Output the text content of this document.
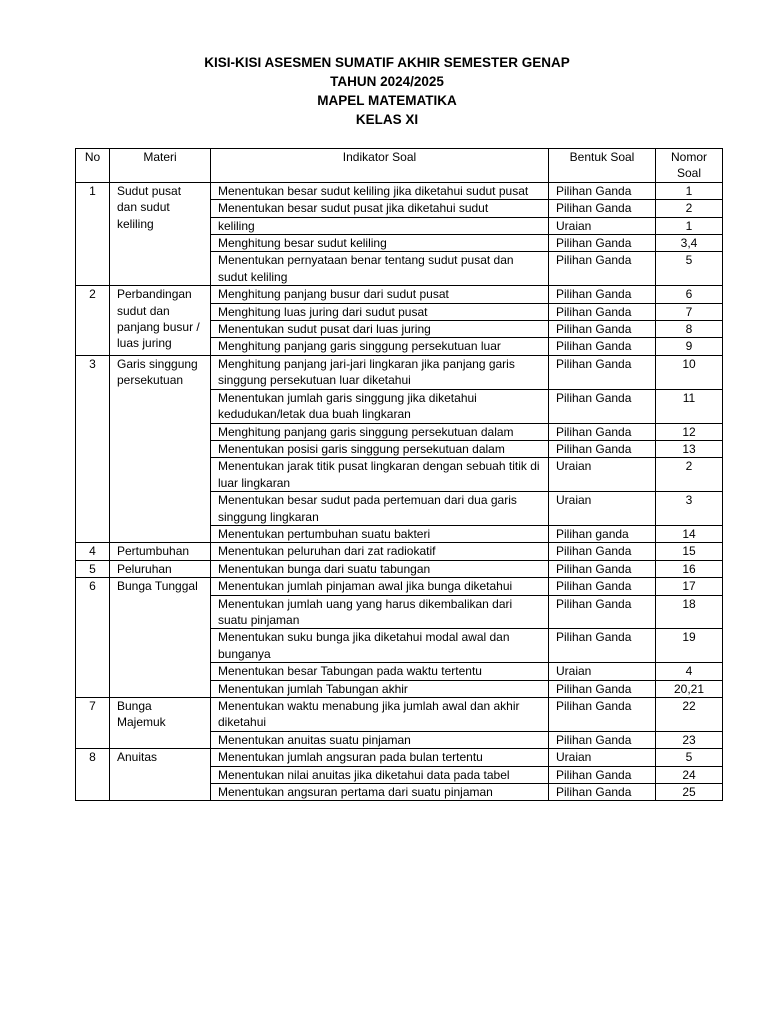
KISI-KISI ASESMEN SUMATIF AKHIR SEMESTER GENAP
TAHUN 2024/2025
MAPEL MATEMATIKA
KELAS XI
No	Materi	Indikator Soal	Bentuk Soal	Nomor
Soal
1	Sudut pusat dan sudut keliling	Menentukan besar sudut keliling jika diketahui sudut pusat	Pilihan Ganda	1
		Menentukan besar sudut pusat jika diketahui sudut	Pilihan Ganda	2
		keliling	Uraian	1
		Menghitung besar sudut keliling	Pilihan Ganda	3,4
		Menentukan pernyataan benar tentang sudut pusat dan sudut keliling	Pilihan Ganda	5
2	Perbandingan sudut dan panjang busur / luas juring	Menghitung panjang busur dari sudut pusat	Pilihan Ganda	6
		Menghitung luas juring dari sudut pusat	Pilihan Ganda	7
		Menentukan sudut pusat dari luas juring	Pilihan Ganda	8
		Menghitung panjang garis singgung persekutuan luar	Pilihan Ganda	9
3	Garis singgung persekutuan	Menghitung panjang jari-jari lingkaran jika panjang garis singgung persekutuan luar diketahui	Pilihan Ganda	10
		Menentukan jumlah garis singgung jika diketahui kedudukan/letak dua buah lingkaran	Pilihan Ganda	11
		Menghitung panjang garis singgung persekutuan dalam	Pilihan Ganda	12
		Menentukan posisi garis singgung persekutuan dalam	Pilihan Ganda	13
		Menentukan jarak titik pusat lingkaran dengan sebuah titik di luar lingkaran	Uraian	2
		Menentukan besar sudut pada pertemuan dari dua garis singgung lingkaran	Uraian	3
		Menentukan pertumbuhan suatu bakteri	Pilihan ganda	14
4	Pertumbuhan	Menentukan peluruhan dari zat radiokatif	Pilihan Ganda	15
5	Peluruhan	Menentukan bunga dari suatu tabungan	Pilihan Ganda	16
6	Bunga Tunggal	Menentukan jumlah pinjaman awal jika bunga diketahui	Pilihan Ganda	17
		Menentukan jumlah uang yang harus dikembalikan dari suatu pinjaman	Pilihan Ganda	18
		Menentukan suku bunga jika diketahui modal awal dan bunganya	Pilihan Ganda	19
		Menentukan besar Tabungan pada waktu tertentu	Uraian	4
		Menentukan jumlah Tabungan akhir	Pilihan Ganda	20,21
7	Bunga Majemuk	Menentukan waktu menabung jika jumlah awal dan akhir diketahui	Pilihan Ganda	22
		Menentukan anuitas suatu pinjaman	Pilihan Ganda	23
8	Anuitas	Menentukan jumlah angsuran pada bulan tertentu	Uraian	5
		Menentukan nilai anuitas jika diketahui data pada tabel	Pilihan Ganda	24
		Menentukan angsuran pertama dari suatu pinjaman	Pilihan Ganda	25
